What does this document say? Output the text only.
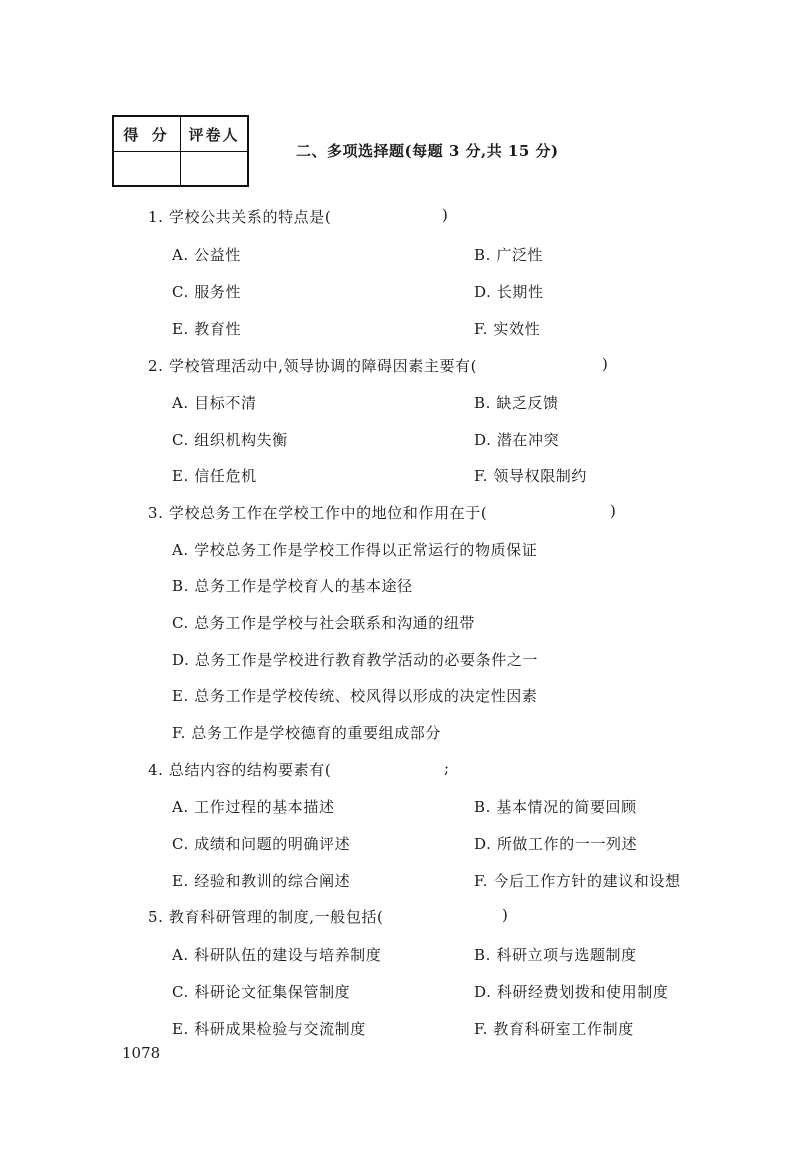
得 分	评卷人

二、多项选择题(每题 3 分,共 15 分)
1. 学校公共关系的特点是(	)
A. 公益性	B. 广泛性
C. 服务性	D. 长期性
E. 教育性	F. 实效性
2. 学校管理活动中,领导协调的障碍因素主要有(	)
A. 目标不清	B. 缺乏反馈
C. 组织机构失衡	D. 潜在冲突
E. 信任危机	F. 领导权限制约
3. 学校总务工作在学校工作中的地位和作用在于(	)
A. 学校总务工作是学校工作得以正常运行的物质保证
B. 总务工作是学校育人的基本途径
C. 总务工作是学校与社会联系和沟通的纽带
D. 总务工作是学校进行教育教学活动的必要条件之一
E. 总务工作是学校传统、校风得以形成的决定性因素
F. 总务工作是学校德育的重要组成部分
4. 总结内容的结构要素有(	;
A. 工作过程的基本描述	B. 基本情况的简要回顾
C. 成绩和问题的明确评述	D. 所做工作的一一列述
E. 经验和教训的综合阐述	F. 今后工作方针的建议和设想
5. 教育科研管理的制度,一般包括(	)
A. 科研队伍的建设与培养制度	B. 科研立项与选题制度
C. 科研论文征集保管制度	D. 科研经费划拨和使用制度
E. 科研成果检验与交流制度	F. 教育科研室工作制度
1078
